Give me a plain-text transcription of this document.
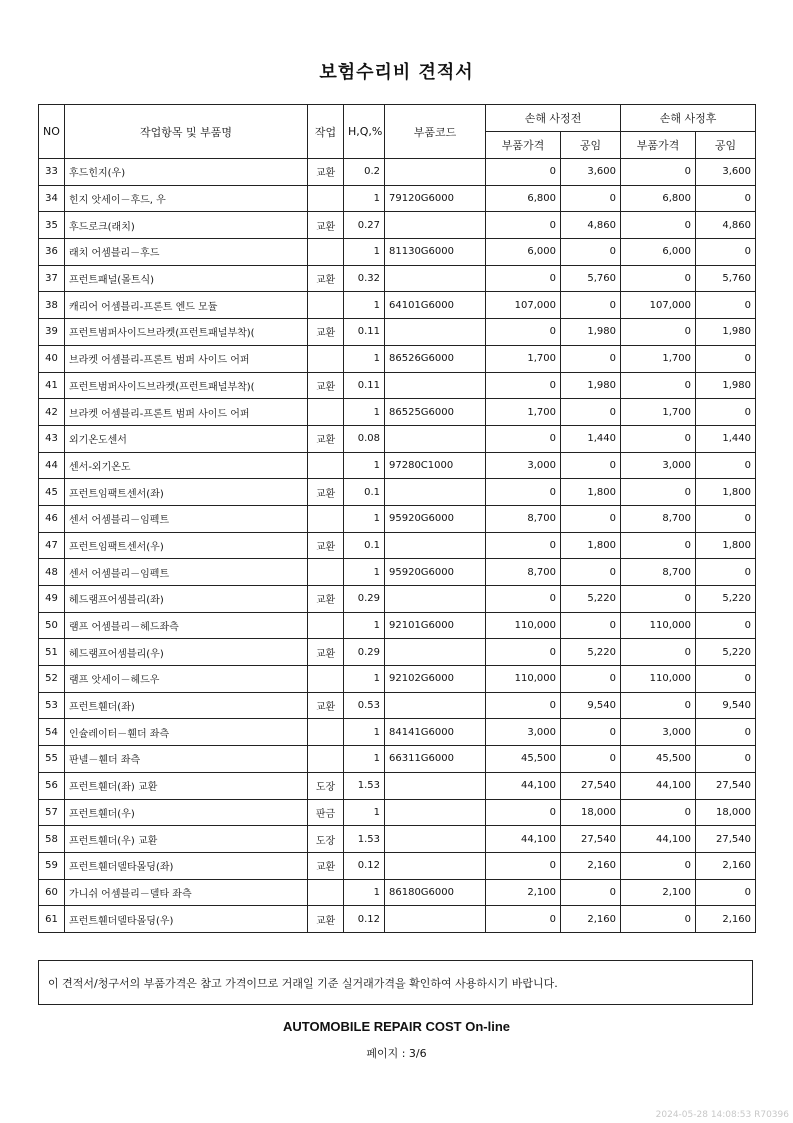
보험수리비 견적서
NO	작업항목 및 부품명	작업	H,Q,%	부품코드	손해 사정전		손해 사정후	
					부품가격	공임	부품가격	공임
33	후드힌지(우)	교환	0.2		0	3,600	0	3,600
34	힌지 앗세이－후드, 우		1	79120G6000	6,800	0	6,800	0
35	후드로크(래치)	교환	0.27		0	4,860	0	4,860
36	래치 어셈블리－후드		1	81130G6000	6,000	0	6,000	0
37	프런트패널(몰트식)	교환	0.32		0	5,760	0	5,760
38	캐리어 어셈블리-프론트 엔드 모듈		1	64101G6000	107,000	0	107,000	0
39	프런트범퍼사이드브라켓(프런트패널부착)(	교환	0.11		0	1,980	0	1,980
40	브라켓 어셈블리-프론트 범퍼 사이드 어퍼		1	86526G6000	1,700	0	1,700	0
41	프런트범퍼사이드브라켓(프런트패널부착)(	교환	0.11		0	1,980	0	1,980
42	브라켓 어셈블리-프론트 범퍼 사이드 어퍼		1	86525G6000	1,700	0	1,700	0
43	외기온도센서	교환	0.08		0	1,440	0	1,440
44	센서-외기온도		1	97280C1000	3,000	0	3,000	0
45	프런트임팩트센서(좌)	교환	0.1		0	1,800	0	1,800
46	센서 어셈블리－임펙트		1	95920G6000	8,700	0	8,700	0
47	프런트임팩트센서(우)	교환	0.1		0	1,800	0	1,800
48	센서 어셈블리－임펙트		1	95920G6000	8,700	0	8,700	0
49	헤드램프어셈블리(좌)	교환	0.29		0	5,220	0	5,220
50	램프 어셈블리－헤드좌측		1	92101G6000	110,000	0	110,000	0
51	헤드램프어셈블리(우)	교환	0.29		0	5,220	0	5,220
52	램프 앗세이－헤드우		1	92102G6000	110,000	0	110,000	0
53	프런트휀더(좌)	교환	0.53		0	9,540	0	9,540
54	인슐레이터－휀더 좌측		1	84141G6000	3,000	0	3,000	0
55	판넬－휀더 좌측		1	66311G6000	45,500	0	45,500	0
56	프런트휀더(좌) 교환	도장	1.53		44,100	27,540	44,100	27,540
57	프런트휀더(우)	판금	1		0	18,000	0	18,000
58	프런트휀더(우) 교환	도장	1.53		44,100	27,540	44,100	27,540
59	프런트휀더델타몰딩(좌)	교환	0.12		0	2,160	0	2,160
60	가니쉬 어셈블리－델타 좌측		1	86180G6000	2,100	0	2,100	0
61	프런트휀더델타몰딩(우)	교환	0.12		0	2,160	0	2,160
이 견적서/청구서의 부품가격은 참고 가격이므로 거래일 기준 실거래가격을 확인하여 사용하시기 바랍니다.
AUTOMOBILE REPAIR COST On-line
페이지 : 3/6
2024-05-28 14:08:53 R70396
